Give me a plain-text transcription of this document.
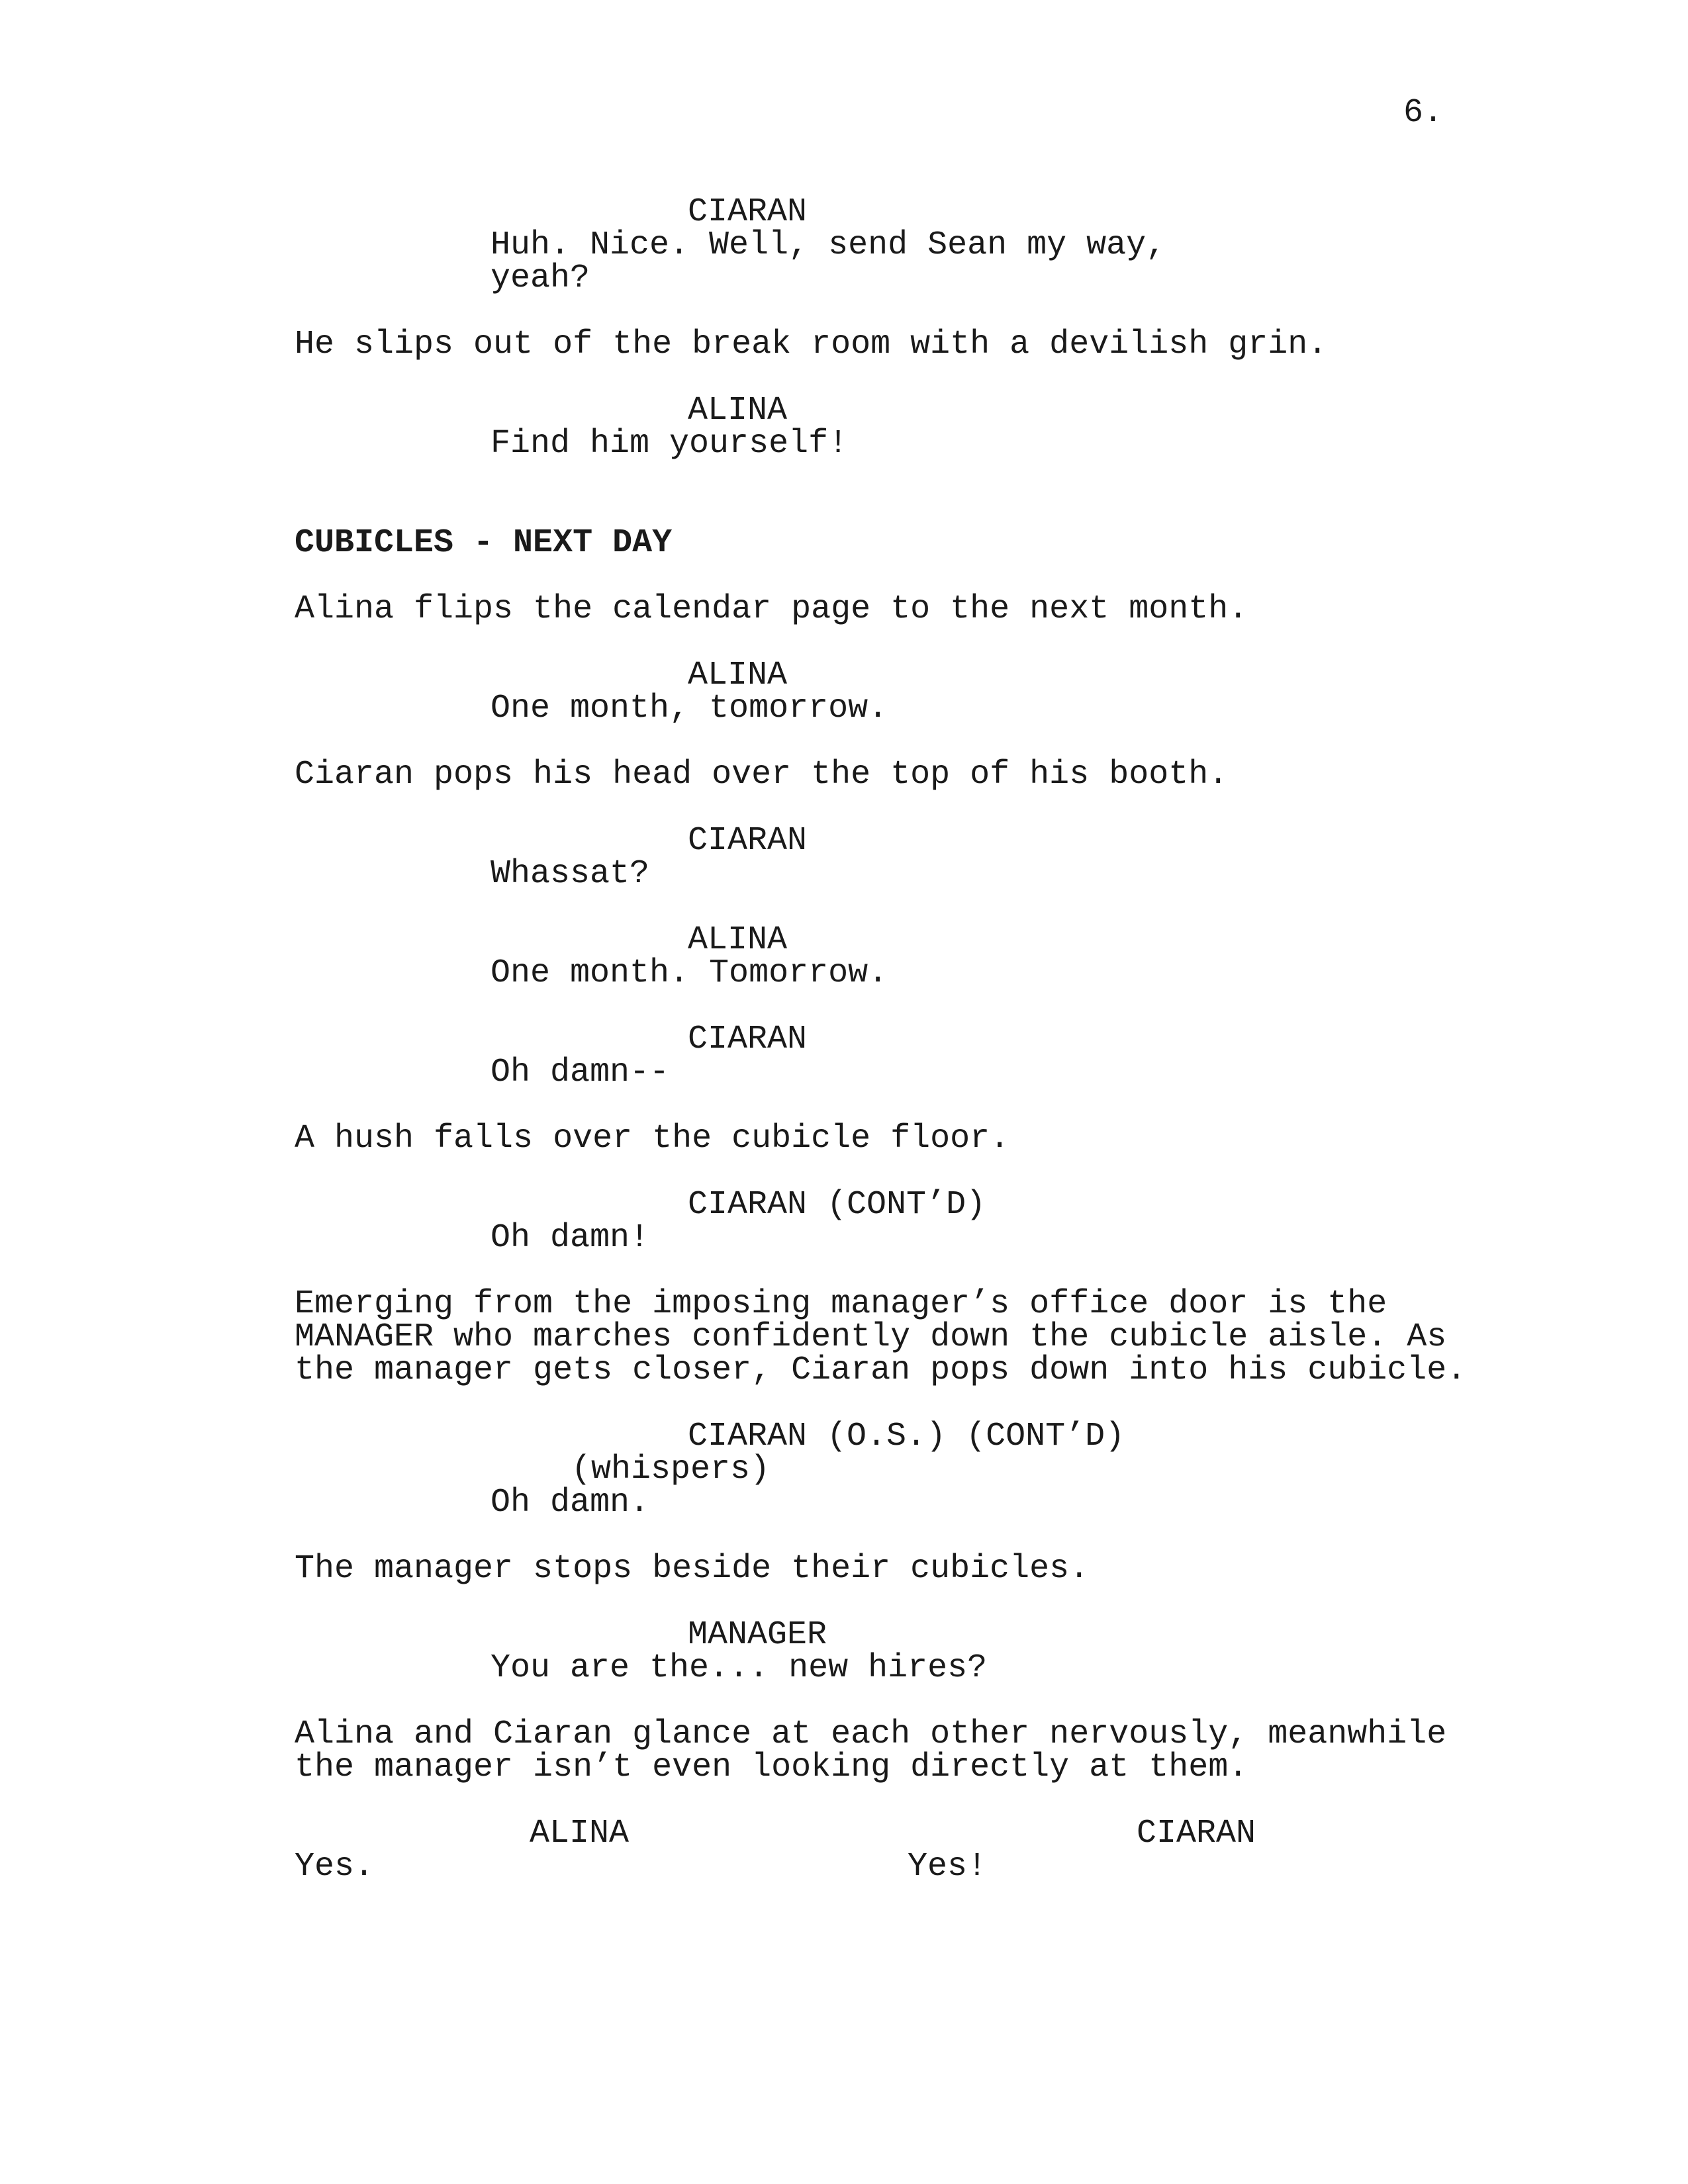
6.
CIARAN
Huh. Nice. Well, send Sean my way,
yeah?
He slips out of the break room with a devilish grin.
ALINA
Find him yourself!
CUBICLES - NEXT DAY
Alina flips the calendar page to the next month.
ALINA
One month, tomorrow.
Ciaran pops his head over the top of his booth.
CIARAN
Whassat?
ALINA
One month. Tomorrow.
CIARAN
Oh damn--
A hush falls over the cubicle floor.
CIARAN (CONT’D)
Oh damn!
Emerging from the imposing manager’s office door is the
MANAGER who marches confidently down the cubicle aisle. As
the manager gets closer, Ciaran pops down into his cubicle.
CIARAN (O.S.) (CONT’D)
(whispers)
Oh damn.
The manager stops beside their cubicles.
MANAGER
You are the... new hires?
Alina and Ciaran glance at each other nervously, meanwhile
the manager isn’t even looking directly at them.
ALINA	CIARAN
Yes.	Yes!
